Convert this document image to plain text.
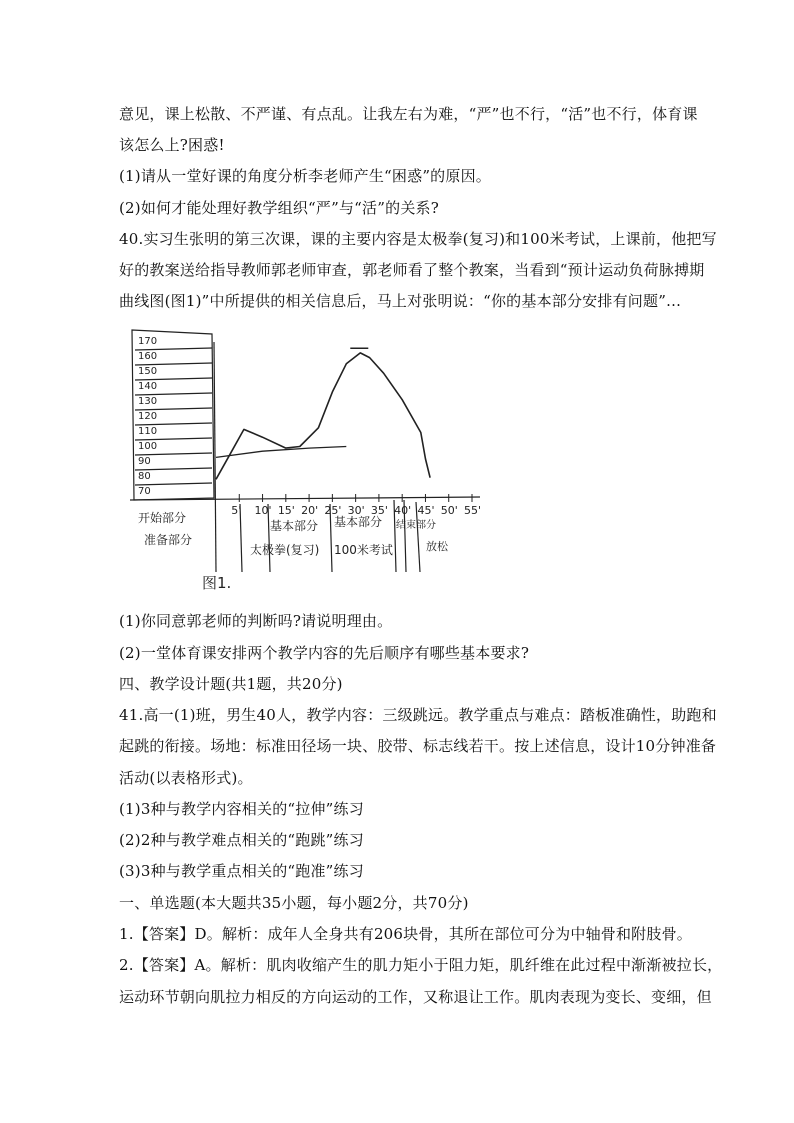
意见，课上松散、不严谨、有点乱。让我左右为难，“严”也不行，“活”也不行，体育课
该怎么上?困惑!
(1)请从一堂好课的角度分析李老师产生“困惑”的原因。
(2)如何才能处理好教学组织“严”与“活”的关系?
40.实习生张明的第三次课，课的主要内容是太极拳(复习)和100米考试，上课前，他把写
好的教案送给指导教师郭老师审查，郭老师看了整个教案，当看到“预计运动负荷脉搏期
曲线图(图1)”中所提供的相关信息后，马上对张明说：“你的基本部分安排有问题”…
170
160
150
140
130
120
110
100
90
80
70
5' 10' 15' 20' 25' 30' 35' 40' 45' 50' 55'
开始部分
准备部分
基本部分
太极拳(复习)
基本部分
100米考试
结束部分
放松
图1.
(1)你同意郭老师的判断吗?请说明理由。
(2)一堂体育课安排两个教学内容的先后顺序有哪些基本要求?
四、教学设计题(共1题，共20分)
41.高一(1)班，男生40人，教学内容：三级跳远。教学重点与难点：踏板准确性，助跑和
起跳的衔接。场地：标准田径场一块、胶带、标志线若干。按上述信息，设计10分钟准备
活动(以表格形式)。
(1)3种与教学内容相关的“拉伸”练习
(2)2种与教学难点相关的“跑跳”练习
(3)3种与教学重点相关的“跑准”练习
一、单选题(本大题共35小题，每小题2分，共70分)
1.【答案】D。解析：成年人全身共有206块骨，其所在部位可分为中轴骨和附肢骨。
2.【答案】A。解析：肌肉收缩产生的肌力矩小于阻力矩，肌纤维在此过程中渐渐被拉长，
运动环节朝向肌拉力相反的方向运动的工作，又称退让工作。肌肉表现为变长、变细，但
